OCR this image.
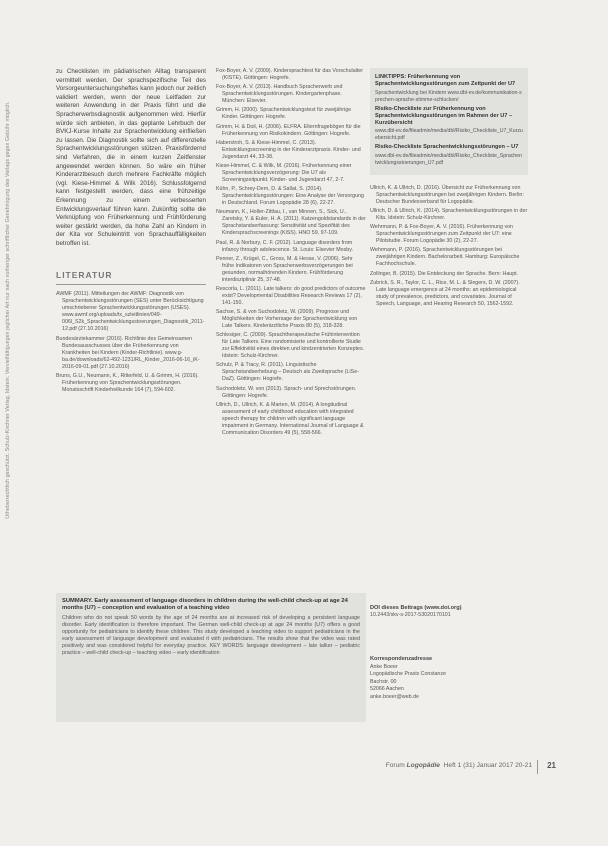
Urheberrechtlich geschützt. Schulz-Kirchner Verlag, Idstein. Vervielfältigungen jeglicher Art nur nach vorheriger schriftlicher Genehmigung des Verlags gegen Gebühr möglich.

zu Checklisten im pädiatrischen Alltag transparent vermittelt werden. Der sprachspezifische Teil des Vorsorgeuntersuchungsheftes kann jedoch nur zeitlich validiert werden, wenn der neue Leitfaden zur weiteren Anwendung in der Praxis führt und die Spracherwerbsdiagnostik aufgenommen wird. Hierfür würde sich anbieten, in das geplante Lehrbuch der BVKJ-Kurse Inhalte zur Sprachentwicklung einfließen zu lassen. Die Diagnostik sollte sich auf differenzielle Sprachentwicklungsstörungen stützen. Praxisfördernd sind Verfahren, die in einem kurzen Zeitfenster angewendet werden können. So wäre ein früher Kinderarztbesuch durch mehrere Fachkräfte möglich (vgl. Kiese-Himmel & Wilk 2016). Schlussfolgernd kann festgestellt werden, dass eine frühzeitige Erkennung zu einem verbesserten Entwicklungsverlauf führen kann. Zukünftig sollte die Verknüpfung von Früherkennung und Frühförderung weiter gestärkt werden, da hohe Zahl an Kindern in der Kita vor Schuleintritt von Sprachauffälligkeiten betroffen ist.

LITERATUR

AWMF (2011). Mitteilungen der AWMF: Diagnostik von Sprachentwicklungsstörungen (SES) unter Berücksichtigung umschriebener Sprachentwicklungsstörungen (USES). www.awmf.org/uploads/tx_szleitlinien/049-006l_S2k_Sprachentwicklungsstoerungen_Diagnostik_2011-12.pdf (27.10.2016)

Bundesärztekammer (2016). Richtlinie des Gemeinsamen Bundesausschusses über die Früherkennung von Krankheiten bei Kindern (Kinder-Richtlinie). www.g-ba.de/downloads/62-492-1231/RL_Kinder_2016-06-16_iK-2016-09-01.pdf (27.10.2016)

Bruns, G.U., Neumann, K., Ritterfeld, U. & Grimm, H. (2016). Früherkennung von Sprachentwicklungsstörungen. Monatsschrift Kinderheilkunde 164 (7), 594-602.

Fox-Boyer, A. V. (2009). Kindersprachtest für das Vorschulalter (KISTE). Göttingen: Hogrefe.

Fox-Boyer, A. V. (2013). Handbuch Spracherwerb und Sprachentwicklungsstörungen. Kindergartenphase. München: Elsevier.

Grimm, H. (2000). Sprachentwicklungstest für zweijährige Kinder. Göttingen: Hogrefe.

Grimm, H. & Doil, H. (2006). ELFRA. Elternfragebögen für die Früherkennung von Risikokindern. Göttingen: Hogrefe.

Haberstroh, S. & Kiese-Himmel, C. (2013). Entwicklungsscreening in der Kinderarztpraxis. Kinder- und Jugendarzt 44, 33-38.

Kiese-Himmel, C. & Wilk, M. (2016). Früherkennung einer Sprachentwicklungsverzögerung: Die U7 als Screeningzeitpunkt. Kinder- und Jugendarzt 47, 2-7.

Kühn, P., Schrey-Dern, D. & Sallat, S. (2014). Sprachentwicklungsstörungen: Eine Analyse der Versorgung in Deutschland. Forum Logopädie 28 (6), 22-27.

Neumann, K., Holler-Zittlau, I., van Minnen, S., Sick, U., Zaretsky, Y. & Euler, H. A. (2011). Katzengoldstandards in der Sprachstandserfassung: Sensitivität und Spezifität des Kindersprachscreenings (KiSS). HNO 59, 97-109.

Paul, R. & Norbury, C. F. (2012). Language disorders from infancy through adolescence. St. Louis: Elsevier Mosby.

Penner, Z., Krügel, C., Gross, M. & Hesse, V. (2006). Sehr frühe Indikatoren von Spracherwerbsverzögerungen bei gesunden, normalhörenden Kindern. Frühförderung interdisziplinär 25, 37-48.

Rescorla, L. (2011). Late talkers: do good predictors of outcome exist? Developmental Disabilities Research Reviews 17 (2), 141-150.

Sachse, S. & von Suchodoletz, W. (2009). Prognose und Möglichkeiten der Vorhersage der Sprachentwicklung von Late Talkers. Kinderärztliche Praxis 80 (5), 318-328.

Schlesiger, C. (2009). Sprachtherapeutische Frühintervention für Late Talkers. Eine randomisierte und kontrollierte Studie zur Effektivität eines direkten und kindzentrierten Konzeptes. Idstein: Schulz-Kirchner.

Schulz, P. & Tracy, R. (2011). Linguistische Sprachstandserhebung – Deutsch als Zweitsprache (LiSe-DaZ). Göttingen: Hogrefe.

Suchodoletz, W. von (2013). Sprach- und Sprechstörungen. Göttingen: Hogrefe.

Ullrich, D., Ullrich, K. & Marten, M. (2014). A longitudinal assessment of early childhood education with integrated speech therapy for children with significant language impairment in Germany. International Journal of Language & Communication Disorders 49 (5), 558-566.

LINKTIPPS: Früherkennung von Sprachentwicklungsstörungen zum Zeitpunkt der U7

Sprachentwicklung bei Kindern www.dbl-ev.de/kommunikation-sprechen-sprache-stimme-schlucken/

Risiko-Checkliste zur Früherkennung von Sprachentwicklungsstörungen im Rahmen der U7 – Kurzübersicht

www.dbl-ev.de/fileadmin/media/dbl/Risiko_Checkliste_U7_Kurzuebersicht.pdf

Risiko-Checkliste Sprachentwicklungsstörungen – U7

www.dbl-ev.de/fileadmin/media/dbl/Risiko_Checkliste_Sprachentwicklungsstoerungen_U7.pdf

Ullrich, K. & Ullrich, D. (2016). Übersicht zur Früherkennung von Sprachentwicklungsstörungen bei zweijährigen Kindern. Berlin: Deutscher Bundesverband für Logopädie.

Ullrich, D. & Ullrich, K. (2014). Sprachentwicklungsstörungen in der Kita. Idstein: Schulz-Kirchner.

Wehrmann, P. & Fox-Boyer, A. V. (2016). Früherkennung von Sprachentwicklungsstörungen zum Zeitpunkt der U7: eine Pilotstudie. Forum Logopädie 30 (2), 22-27.

Wehrmann, P. (2016). Sprachentwicklungsstörungen bei zweijährigen Kindern. Bachelorarbeit. Hamburg: Europäische Fachhochschule.

Zollinger, B. (2015). Die Entdeckung der Sprache. Bern: Haupt.

Zubrick, S. R., Taylor, C. L., Rice, M. L. & Slegers, D. W. (2007). Late language emergence at 24 months: an epidemiological study of prevalence, predictors, and covariates. Journal of Speech, Language, and Hearing Research 50, 1562-1592.

SUMMARY. Early assessment of language disorders in children during the well-child check-up at age 24 months (U7) – conception and evaluation of a teaching video

Children who do not speak 50 words by the age of 24 months are at increased risk of developing a persistent language disorder. Early identification is therefore important. The German well-child check-up at age 24 months (U7) offers a good opportunity for pediatricians to identify these children. This study developed a teaching video to support pediatricians in the early assessment of language development and evaluated it with pediatricians. The results show that the video was rated positively and was considered helpful for everyday practice. KEY WORDS: language development – late talker – pediatric practice – well-child check-up – teaching video – early identification

DOI dieses Beitrags (www.doi.org)

10.2443/skv-s-2017-53020170101

Korrespondenzadresse

Anke Boeer

Logopädische Praxis Constanze

Bachstr. 00

52066 Aachen

anke.boeer@web.de

Forum Logopädie Heft 1 (31) Januar 2017 20-21 21
